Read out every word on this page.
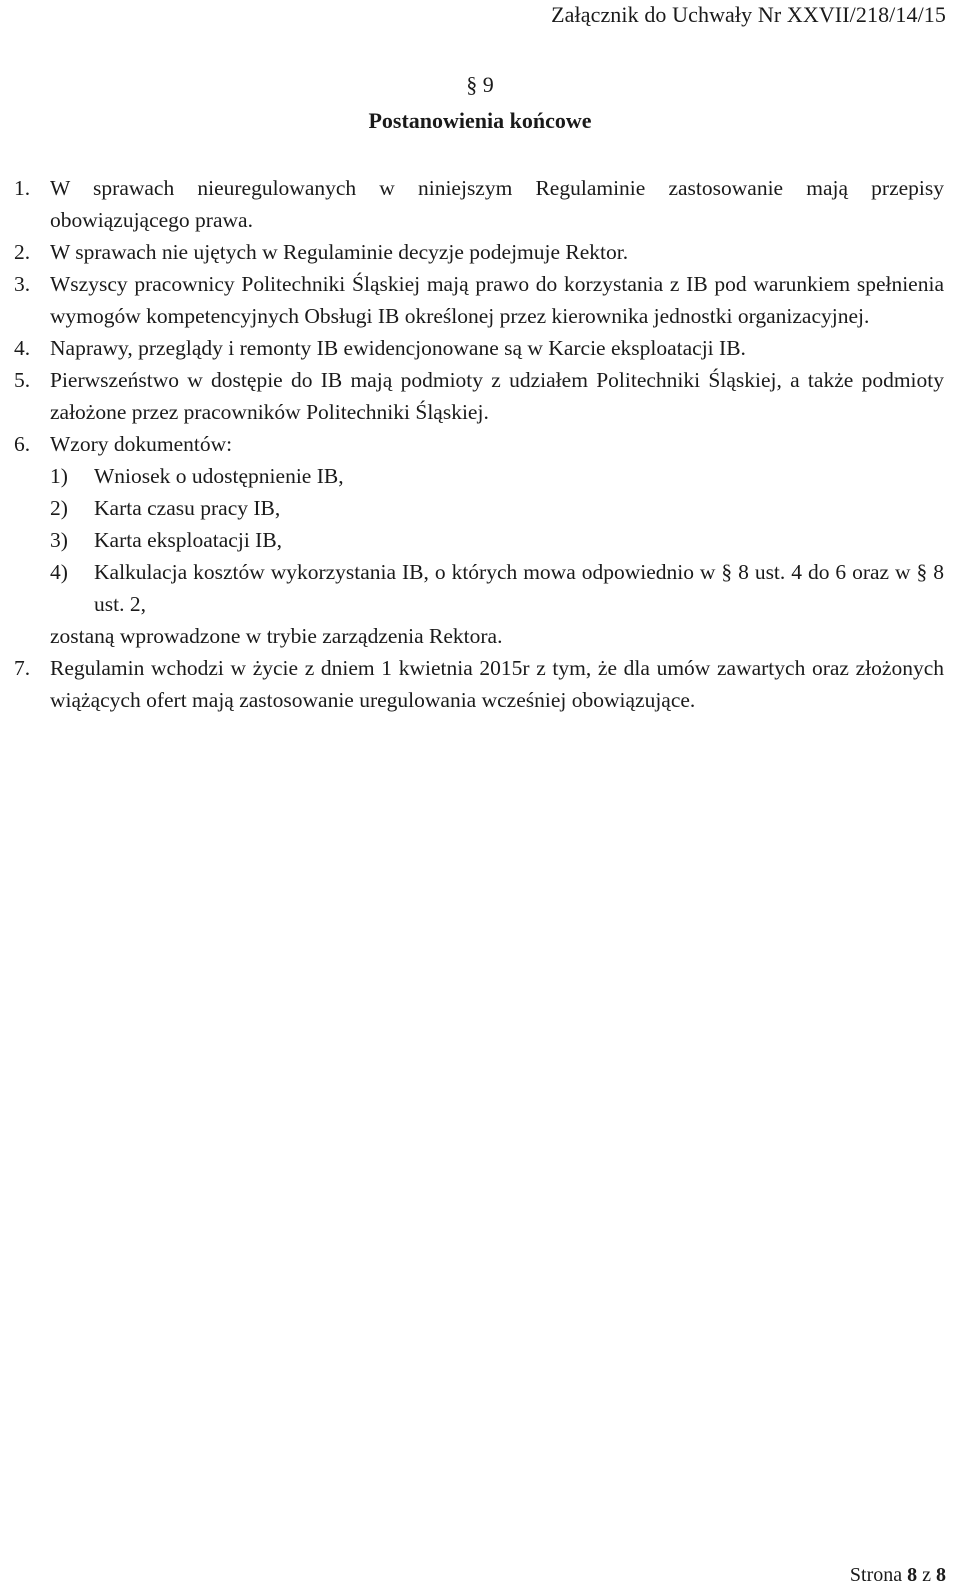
Załącznik do Uchwały Nr XXVII/218/14/15
§ 9
Postanowienia końcowe
1. W sprawach nieuregulowanych w niniejszym Regulaminie zastosowanie mają przepisy obowiązującego prawa.
2. W sprawach nie ujętych w Regulaminie decyzje podejmuje Rektor.
3. Wszyscy pracownicy Politechniki Śląskiej mają prawo do korzystania z IB pod warunkiem spełnienia wymogów kompetencyjnych Obsługi IB określonej przez kierownika jednostki organizacyjnej.
4. Naprawy, przeglądy i remonty IB ewidencjonowane są w Karcie eksploatacji IB.
5. Pierwszeństwo w dostępie do IB mają podmioty z udziałem Politechniki Śląskiej, a także podmioty założone przez pracowników Politechniki Śląskiej.
6. Wzory dokumentów:
1) Wniosek o udostępnienie IB,
2) Karta czasu pracy IB,
3) Karta eksploatacji IB,
4) Kalkulacja kosztów wykorzystania IB, o których mowa odpowiednio w § 8 ust. 4 do 6 oraz w § 8 ust. 2,
zostaną wprowadzone w trybie zarządzenia Rektora.
7. Regulamin wchodzi w życie z dniem 1 kwietnia 2015r z tym, że dla umów zawartych oraz złożonych wiążących ofert mają zastosowanie uregulowania wcześniej obowiązujące.
Strona 8 z 8
